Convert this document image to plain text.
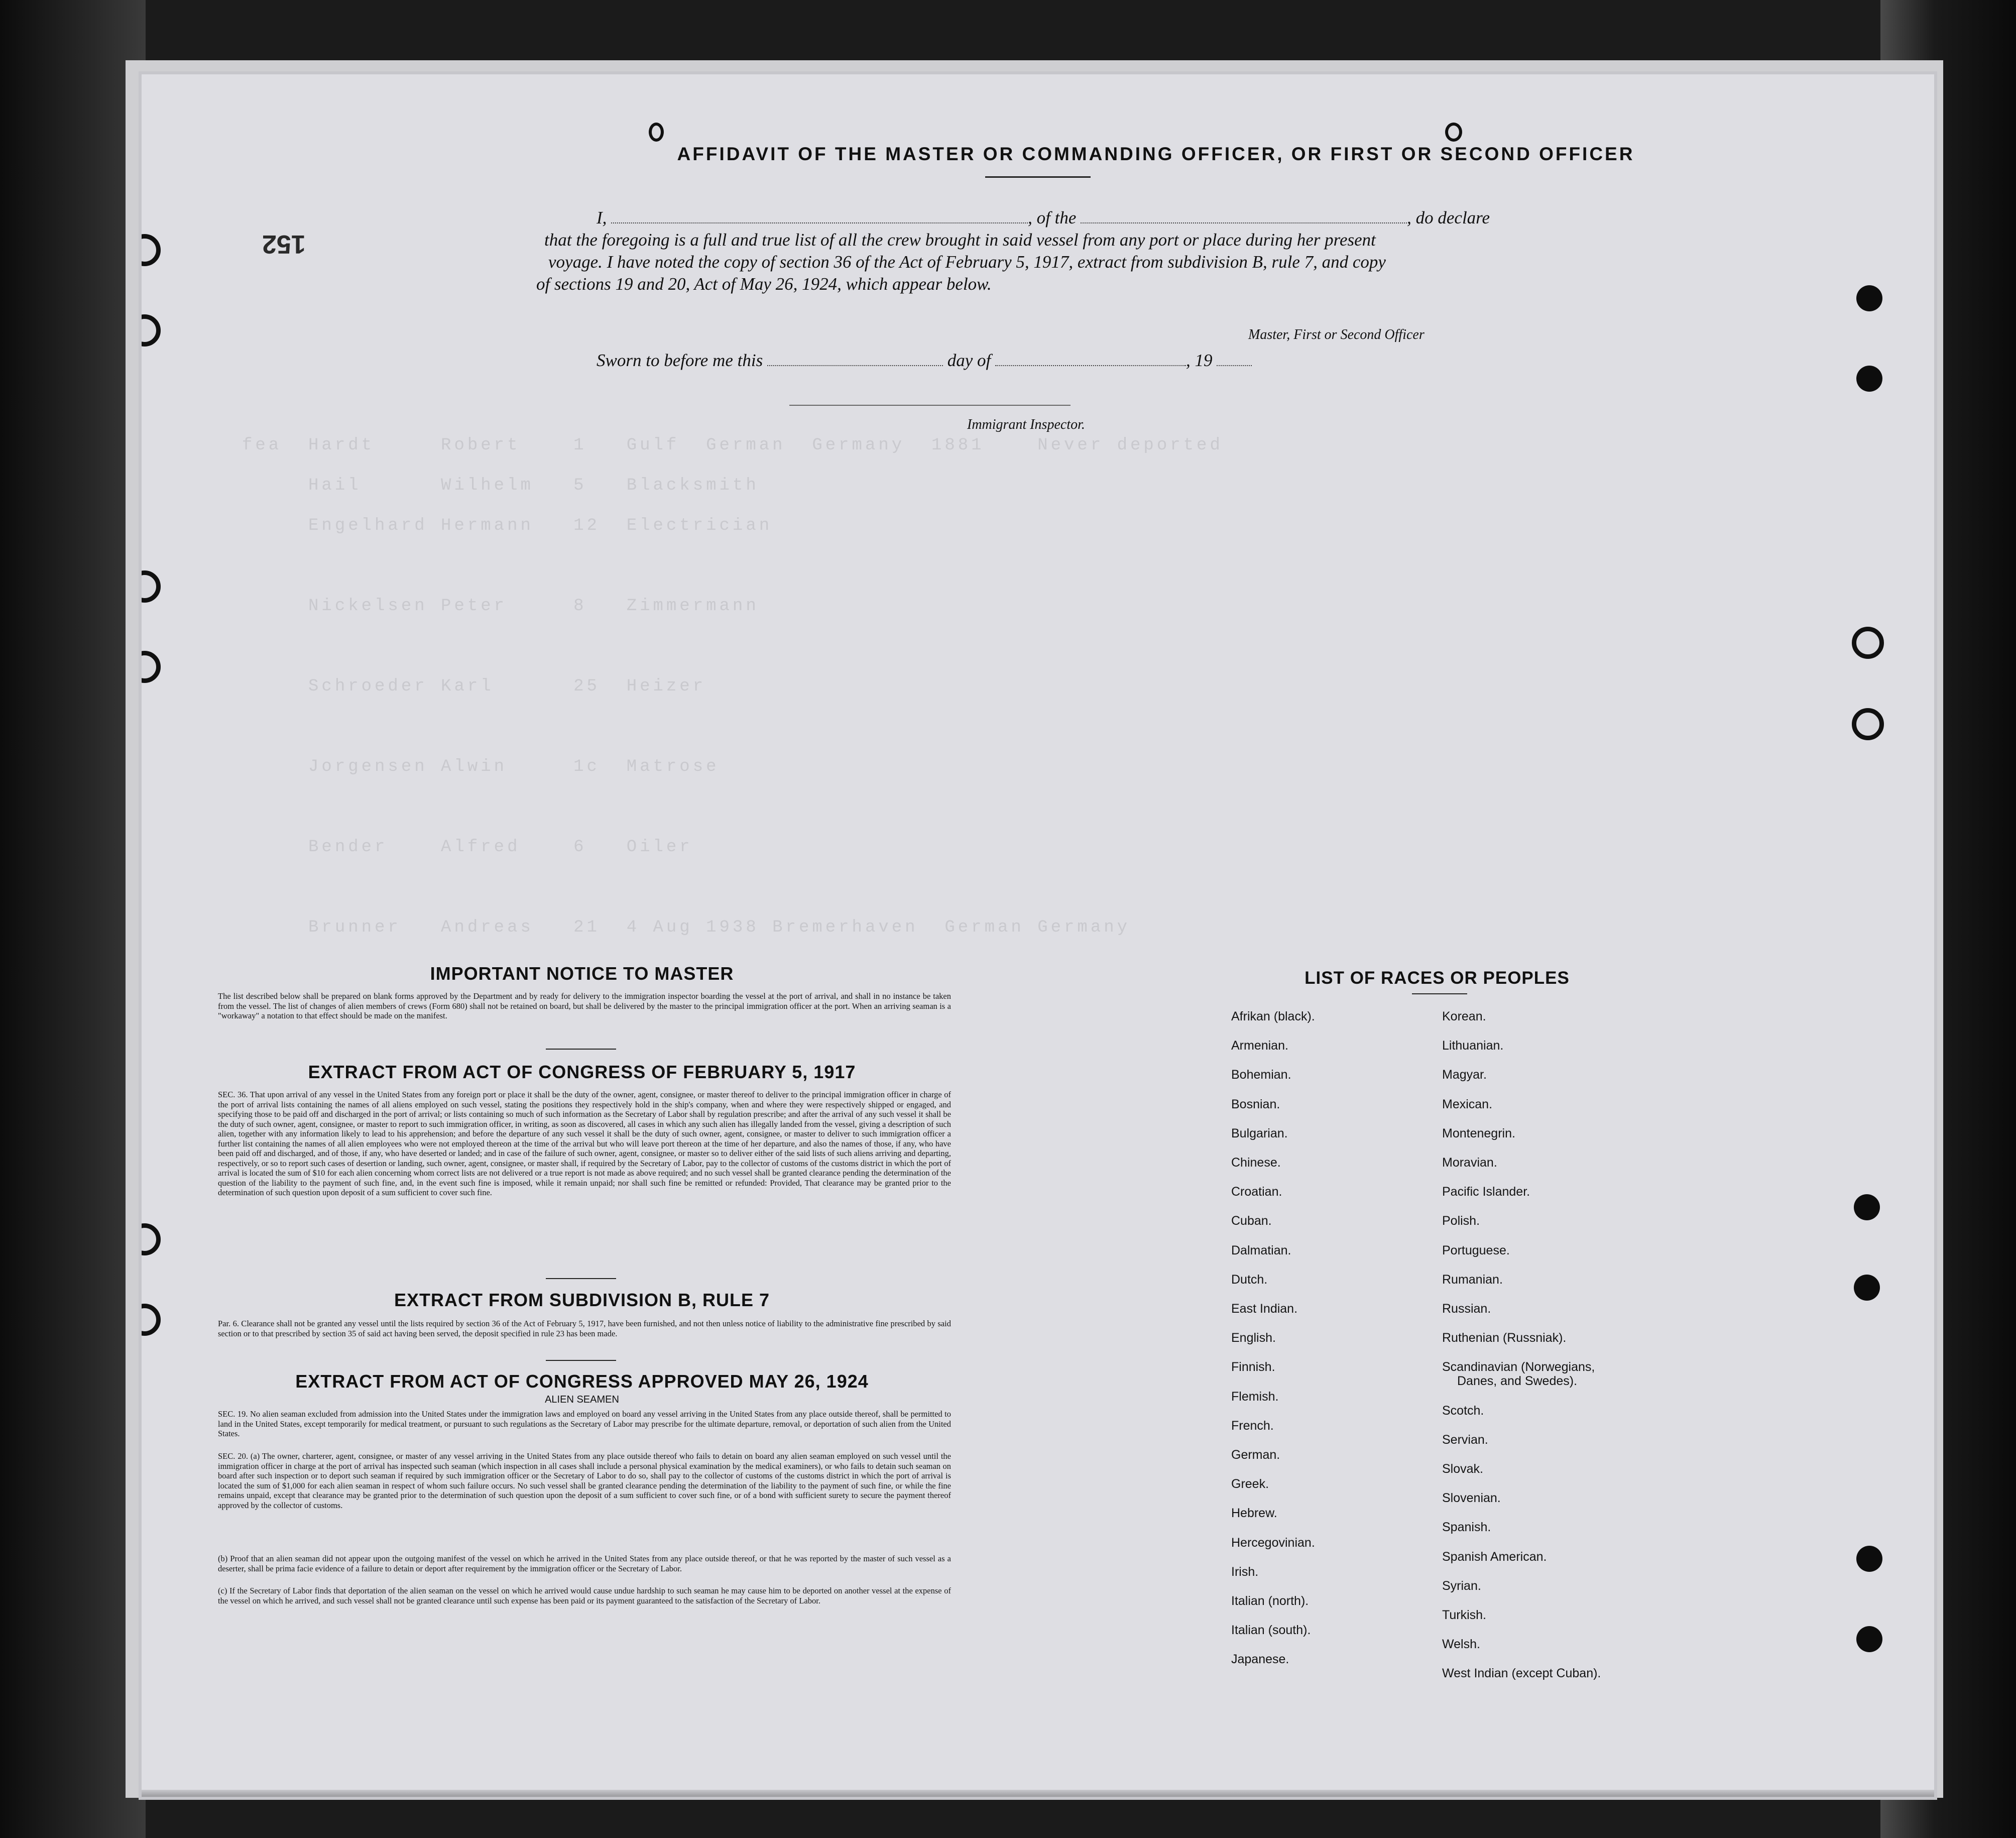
fea  Hardt     Robert    1   Gulf  German  Germany  1881    Never deported
Hail      Wilhelm   5   Blacksmith
Engelhard Hermann   12  Electrician
Nickelsen Peter     8   Zimmermann
Schroeder Karl      25  Heizer
Jorgensen Alwin     1c  Matrose
Bender    Alfred    6   Oiler
Brunner   Andreas   21  4 Aug 1938 Bremerhaven  German Germany
152
AFFIDAVIT OF THE MASTER OR COMMANDING OFFICER, OR FIRST OR SECOND OFFICER
I,	, of the	, do declare
that the foregoing is a full and true list of all the crew brought in said vessel from any port or place during her present
voyage. I have noted the copy of section 36 of the Act of February 5, 1917, extract from subdivision B, rule 7, and copy
of sections 19 and 20, Act of May 26, 1924, which appear below.
Master, First or Second Officer
Sworn to before me this	day of	, 19
Immigrant Inspector.
IMPORTANT NOTICE TO MASTER
The list described below shall be prepared on blank forms approved by the Department and by ready for delivery to the immigration inspector boarding the vessel at the port of arrival, and shall in no instance be taken from the vessel. The list of changes of alien members of crews (Form 680) shall not be retained on board, but shall be delivered by the master to the principal immigration officer at the port. When an arriving seaman is a "workaway" a notation to that effect should be made on the manifest.
EXTRACT FROM ACT OF CONGRESS OF FEBRUARY 5, 1917
SEC. 36. That upon arrival of any vessel in the United States from any foreign port or place it shall be the duty of the owner, agent, consignee, or master thereof to deliver to the principal immigration officer in charge of the port of arrival lists containing the names of all aliens employed on such vessel, stating the positions they respectively hold in the ship's company, when and where they were respectively shipped or engaged, and specifying those to be paid off and discharged in the port of arrival; or lists containing so much of such information as the Secretary of Labor shall by regulation prescribe; and after the arrival of any such vessel it shall be the duty of such owner, agent, consignee, or master to report to such immigration officer, in writing, as soon as discovered, all cases in which any such alien has illegally landed from the vessel, giving a description of such alien, together with any information likely to lead to his apprehension; and before the departure of any such vessel it shall be the duty of such owner, agent, consignee, or master to deliver to such immigration officer a further list containing the names of all alien employees who were not employed thereon at the time of the arrival but who will leave port thereon at the time of her departure, and also the names of those, if any, who have been paid off and discharged, and of those, if any, who have deserted or landed; and in case of the failure of such owner, agent, consignee, or master so to deliver either of the said lists of such aliens arriving and departing, respectively, or so to report such cases of desertion or landing, such owner, agent, consignee, or master shall, if required by the Secretary of Labor, pay to the collector of customs of the customs district in which the port of arrival is located the sum of $10 for each alien concerning whom correct lists are not delivered or a true report is not made as above required; and no such vessel shall be granted clearance pending the determination of the question of the liability to the payment of such fine, and, in the event such fine is imposed, while it remain unpaid; nor shall such fine be remitted or refunded: Provided, That clearance may be granted prior to the determination of such question upon deposit of a sum sufficient to cover such fine.
EXTRACT FROM SUBDIVISION B, RULE 7
Par. 6. Clearance shall not be granted any vessel until the lists required by section 36 of the Act of February 5, 1917, have been furnished, and not then unless notice of liability to the administrative fine prescribed by said section or to that prescribed by section 35 of said act having been served, the deposit specified in rule 23 has been made.
EXTRACT FROM ACT OF CONGRESS APPROVED MAY 26, 1924
ALIEN SEAMEN
SEC. 19. No alien seaman excluded from admission into the United States under the immigration laws and employed on board any vessel arriving in the United States from any place outside thereof, shall be permitted to land in the United States, except temporarily for medical treatment, or pursuant to such regulations as the Secretary of Labor may prescribe for the ultimate departure, removal, or deportation of such alien from the United States.
SEC. 20. (a) The owner, charterer, agent, consignee, or master of any vessel arriving in the United States from any place outside thereof who fails to detain on board any alien seaman employed on such vessel until the immigration officer in charge at the port of arrival has inspected such seaman (which inspection in all cases shall include a personal physical examination by the medical examiners), or who fails to detain such seaman on board after such inspection or to deport such seaman if required by such immigration officer or the Secretary of Labor to do so, shall pay to the collector of customs of the customs district in which the port of arrival is located the sum of $1,000 for each alien seaman in respect of whom such failure occurs. No such vessel shall be granted clearance pending the determination of the liability to the payment of such fine, or while the fine remains unpaid, except that clearance may be granted prior to the determination of such question upon the deposit of a sum sufficient to cover such fine, or of a bond with sufficient surety to secure the payment thereof approved by the collector of customs.
(b) Proof that an alien seaman did not appear upon the outgoing manifest of the vessel on which he arrived in the United States from any place outside thereof, or that he was reported by the master of such vessel as a deserter, shall be prima facie evidence of a failure to detain or deport after requirement by the immigration officer or the Secretary of Labor.
(c) If the Secretary of Labor finds that deportation of the alien seaman on the vessel on which he arrived would cause undue hardship to such seaman he may cause him to be deported on another vessel at the expense of the vessel on which he arrived, and such vessel shall not be granted clearance until such expense has been paid or its payment guaranteed to the satisfaction of the Secretary of Labor.
LIST OF RACES OR PEOPLES
Afrikan (black).
Armenian.
Bohemian.
Bosnian.
Bulgarian.
Chinese.
Croatian.
Cuban.
Dalmatian.
Dutch.
East Indian.
English.
Finnish.
Flemish.
French.
German.
Greek.
Hebrew.
Hercegovinian.
Irish.
Italian (north).
Italian (south).
Japanese.
Korean.
Lithuanian.
Magyar.
Mexican.
Montenegrin.
Moravian.
Pacific Islander.
Polish.
Portuguese.
Rumanian.
Russian.
Ruthenian (Russniak).
Scandinavian (Norwegians,
Danes, and Swedes).
Scotch.
Servian.
Slovak.
Slovenian.
Spanish.
Spanish American.
Syrian.
Turkish.
Welsh.
West Indian (except Cuban).
